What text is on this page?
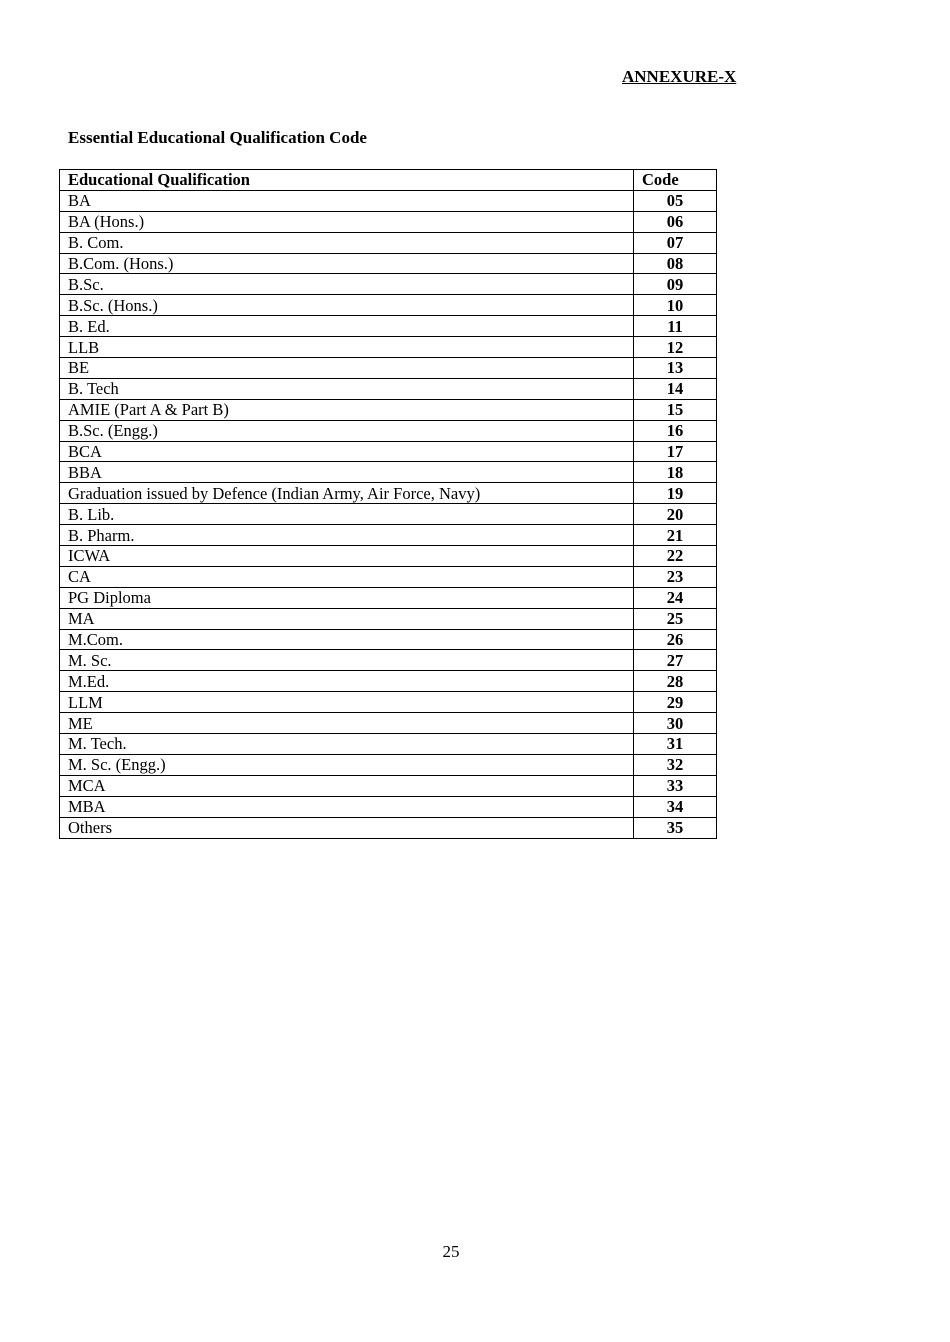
ANNEXURE-X
Essential Educational Qualification Code
Educational Qualification	Code
BA	05
BA (Hons.)	06
B. Com.	07
B.Com. (Hons.)	08
B.Sc.	09
B.Sc. (Hons.)	10
B. Ed.	11
LLB	12
BE	13
B. Tech	14
AMIE (Part A & Part B)	15
B.Sc. (Engg.)	16
BCA	17
BBA	18
Graduation issued by Defence (Indian Army, Air Force, Navy)	19
B. Lib.	20
B. Pharm.	21
ICWA	22
CA	23
PG Diploma	24
MA	25
M.Com.	26
M. Sc.	27
M.Ed.	28
LLM	29
ME	30
M. Tech.	31
M. Sc. (Engg.)	32
MCA	33
MBA	34
Others	35
25
